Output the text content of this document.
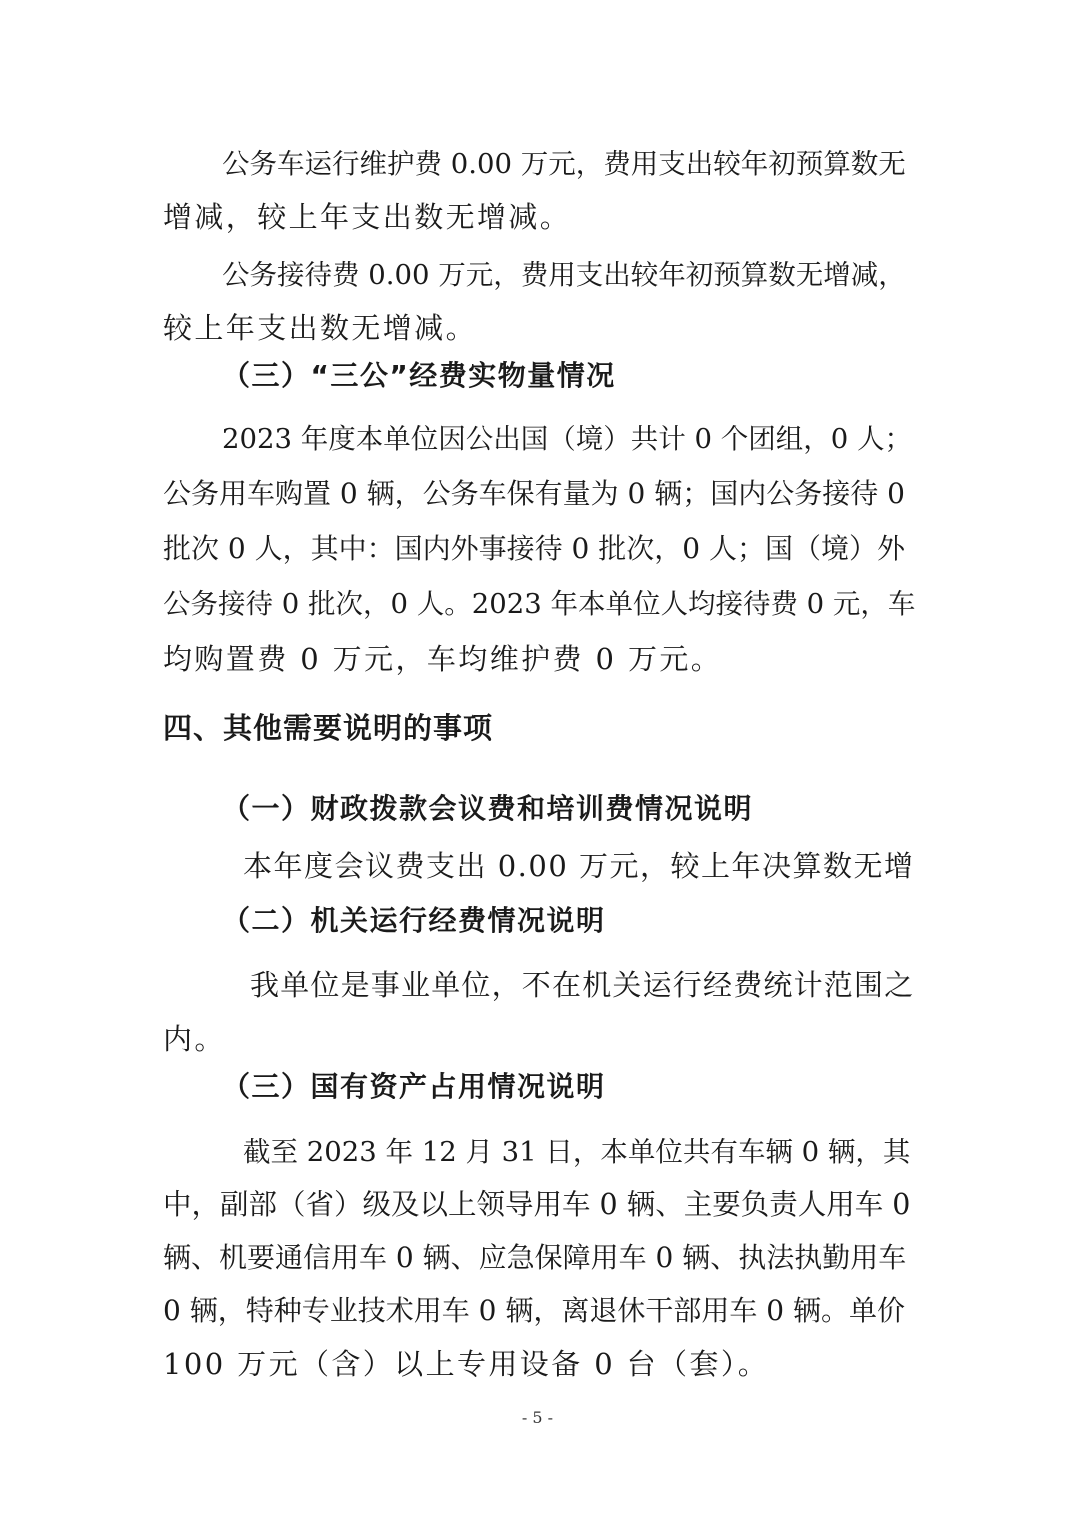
公务车运行维护费 0.00 万元，费用支出较年初预算数无
增减，较上年支出数无增减。
公务接待费 0.00 万元，费用支出较年初预算数无增减，
较上年支出数无增减。
（三）“三公”经费实物量情况
2023 年度本单位因公出国（境）共计 0 个团组，0 人；
公务用车购置 0 辆，公务车保有量为 0 辆；国内公务接待 0
批次 0 人，其中：国内外事接待 0 批次，0 人；国（境）外
公务接待 0 批次，0 人。2023 年本单位人均接待费 0 元，车
均购置费 0 万元，车均维护费 0 万元。
四、其他需要说明的事项
（一）财政拨款会议费和培训费情况说明
本年度会议费支出 0.00 万元，较上年决算数无增
（二）机关运行经费情况说明
我单位是事业单位，不在机关运行经费统计范围之
内。
（三）国有资产占用情况说明
截至 2023 年 12 月 31 日，本单位共有车辆 0 辆，其
中，副部（省）级及以上领导用车 0 辆、主要负责人用车 0
辆、机要通信用车 0 辆、应急保障用车 0 辆、执法执勤用车
0 辆，特种专业技术用车 0 辆，离退休干部用车 0 辆。单价
100 万元（含）以上专用设备 0 台（套）。
- 5 -
